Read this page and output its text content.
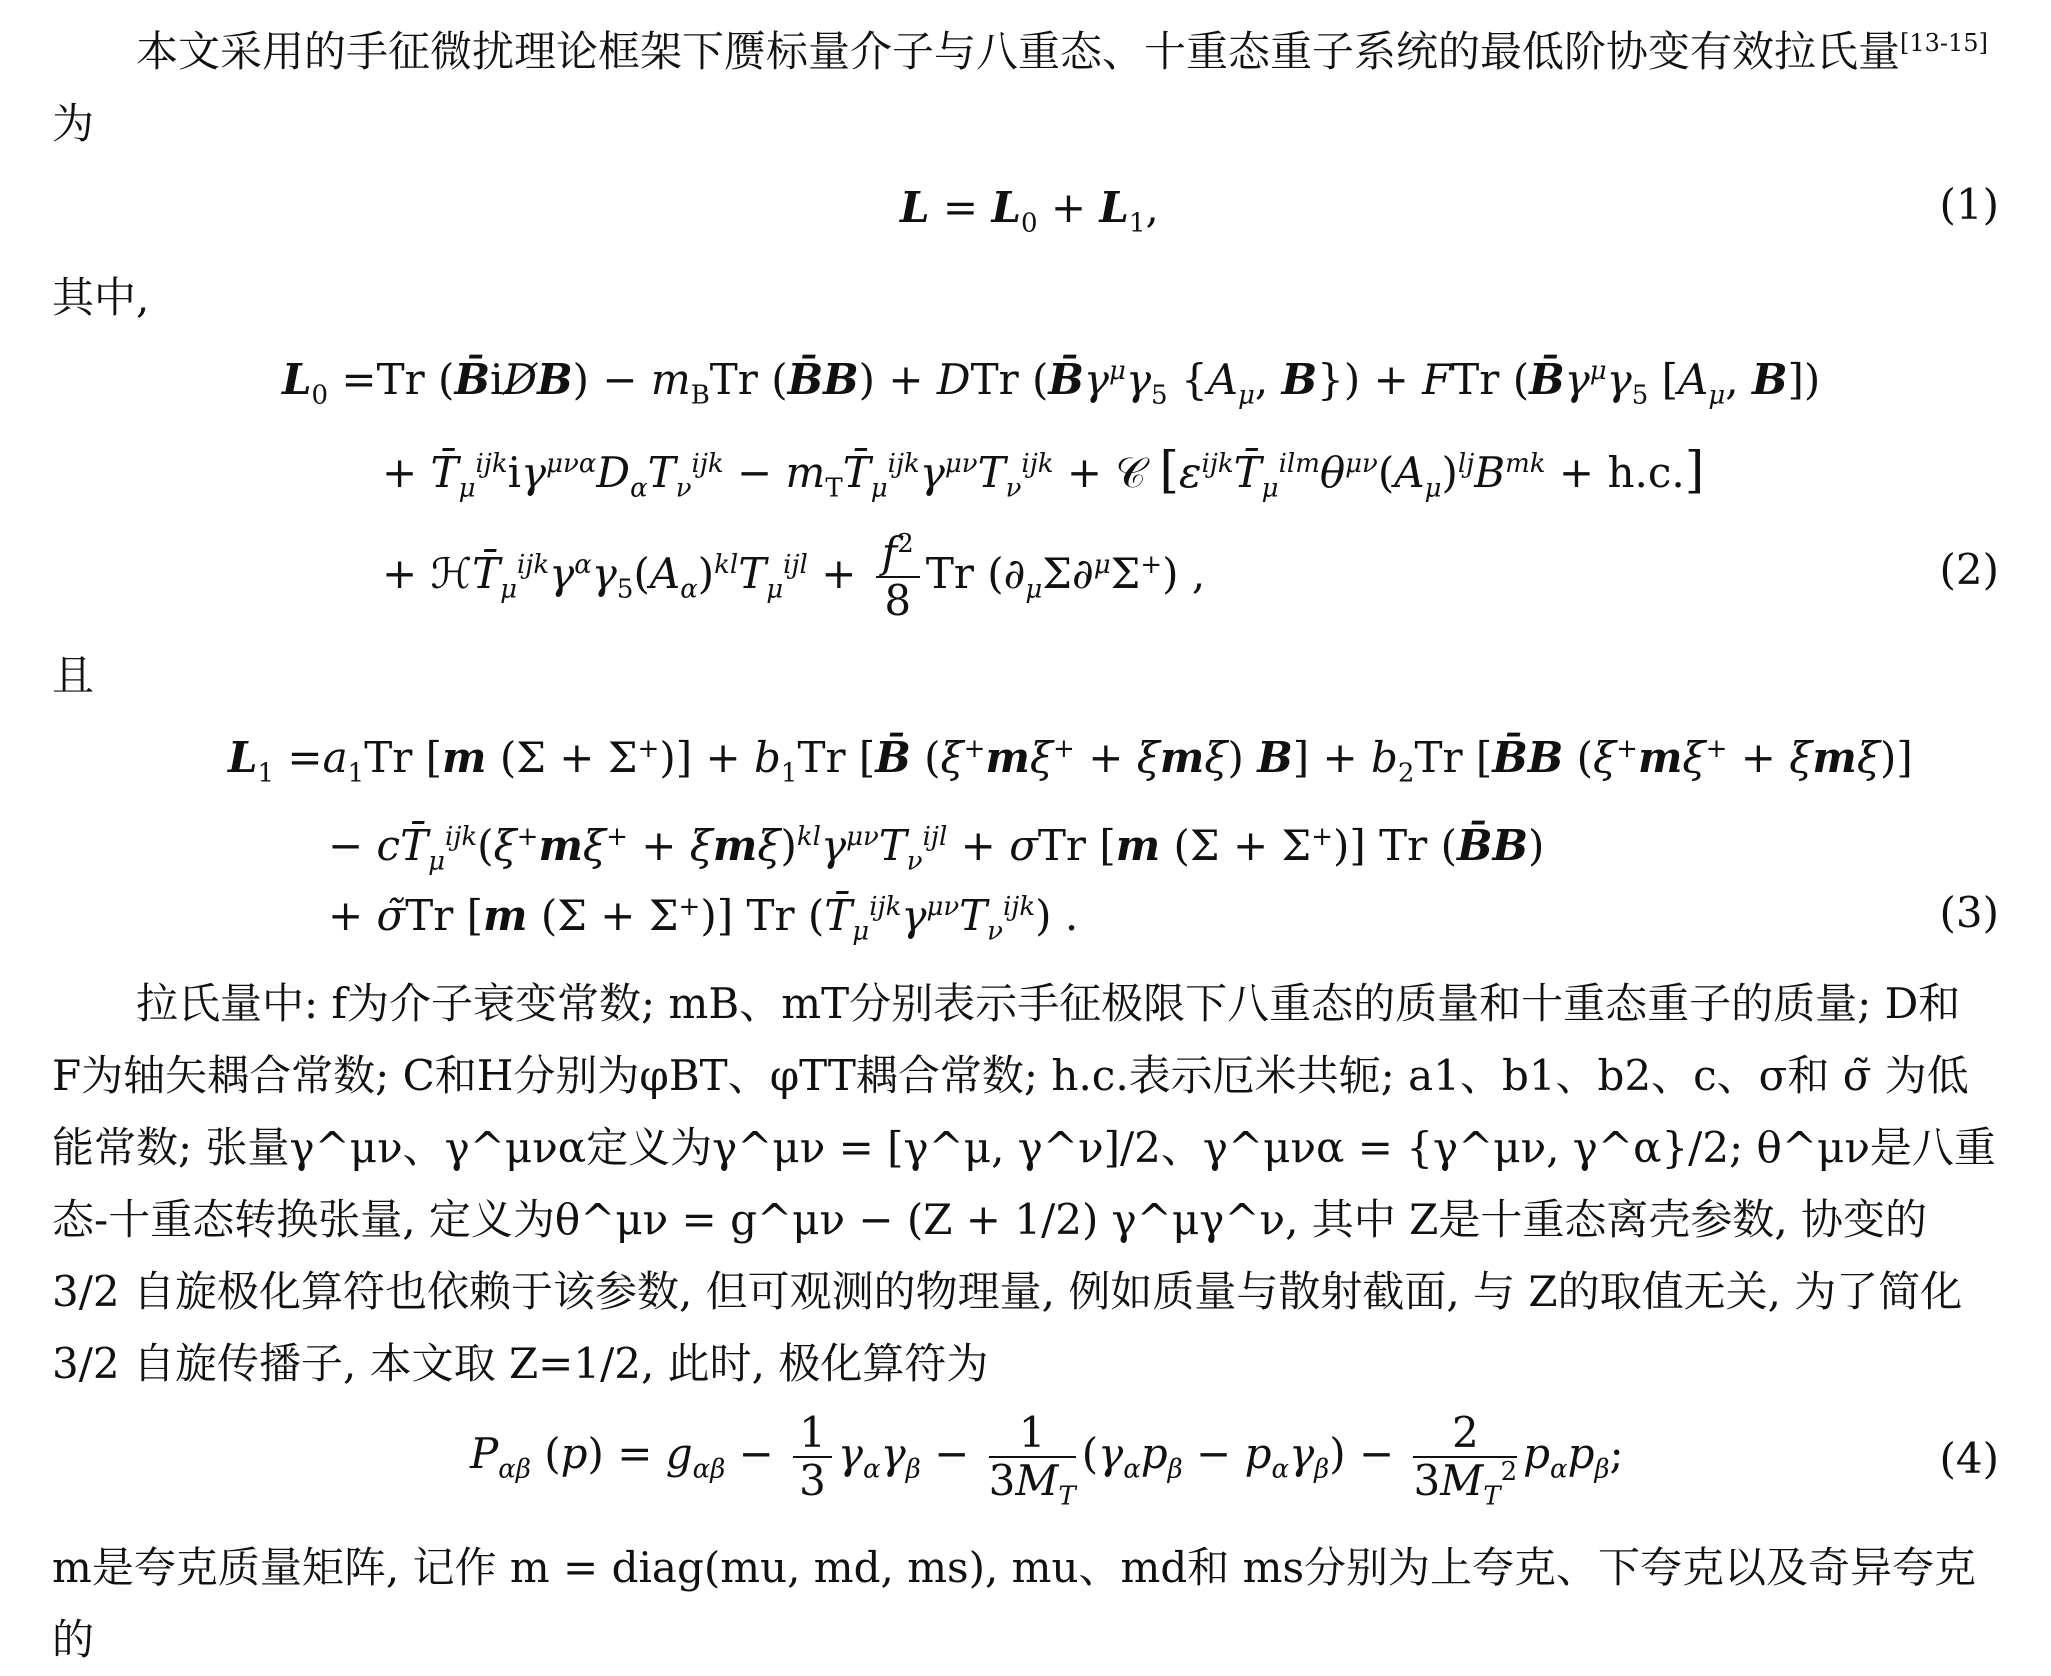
本文采用的手征微扰理论框架下赝标量介子与八重态、十重态重子系统的最低阶协变有效拉氏量[13-15] 为
$L = L_0 + L_1$,	(1)
其中,
$L_0 =Tr$ (B̄iD̸B) − $m_BTr$ (B̄B) + DTr ($B̄\gamma^\mu\gamma_5$ {$A_\mu$, B}) + FTr ($B̄\gamma^\mu\gamma_5$ [$A_\mu$, B])
+ $T̄_\mu^{ijk}i\gamma^{\mu\nu\alpha}D_\alpha T_\nu^{ijk}$ − $m_TT̄_\mu^{ijk}\gamma^{\mu\nu}T_\nu^{ijk}$ + 𝒞 $[\varepsilon^{ijk}T̄_\mu^{ilm}\theta^{\mu\nu}(A_\mu)^{lj}B^{mk} + h.c.]$
+ $ℋT̄_\mu^{ijk}\gamma^\alpha\gamma_5(A_\alpha)^{kl}T_\mu^{ijl} + \frac{f^2}{8}$ Tr $(\partial_\mu\Sigma\partial^\mu\Sigma^+)$ ,	(2)
且
$L_1 =a_1Tr$ [m $(\Sigma + \Sigma^+)] + b_1Tr$ [B̄ (ξ+mξ+ + ξmξ) $B] + b_2Tr$ [B̄B (ξ+mξ+ + ξmξ)]
− $cT̄_\mu^{ijk}(\xi^+m\xi^+ + \xi m\xi)^{kl}\gamma^{\mu\nu}T_\nu^{ijl} + \sigma Tr$ [m (Σ + Σ+)] Tr (B̄B)
+ σ̃Tr [m (Σ + Σ+)] Tr $(T̄_\mu^{ijk}\gamma^{\mu\nu}T_\nu^{ijk})$ .	(3)
拉氏量中: f为介子衰变常数; mB、mT分别表示手征极限下八重态的质量和十重态重子的质量; D和 F为轴矢耦合常数; C和H分别为φBT、φTT耦合常数; h.c.表示厄米共轭; a1、b1、b2、c、σ和 σ̃ 为低能常数; 张量γ^μν、γ^μνα定义为γ^μν = [γ^μ, γ^ν]/2、γ^μνα = {γ^μν, γ^α}/2; θ^μν是八重态-十重态转换张量, 定义为θ^μν = g^μν − (Z + 1/2) γ^μγ^ν, 其中 Z是十重态离壳参数, 协变的 3/2 自旋极化算符也依赖于该参数, 但可观测的物理量, 例如质量与散射截面, 与 Z的取值无关, 为了简化 3/2 自旋传播子, 本文取 Z=1/2, 此时, 极化算符为
$P_{\alpha\beta}$ $(p) = g_{\alpha\beta} - \frac{1}{3} \gamma_\alpha\gamma_\beta - \frac{1}{3M_T} (\gamma_\alpha p_\beta - p_\alpha\gamma_\beta) - \frac{2}{3M_T^2} p_\alpha p_\beta$;	(4)
m是夸克质量矩阵, 记作 m = diag(mu, md, ms), mu、md和 ms分别为上夸克、下夸克以及奇异夸克的
